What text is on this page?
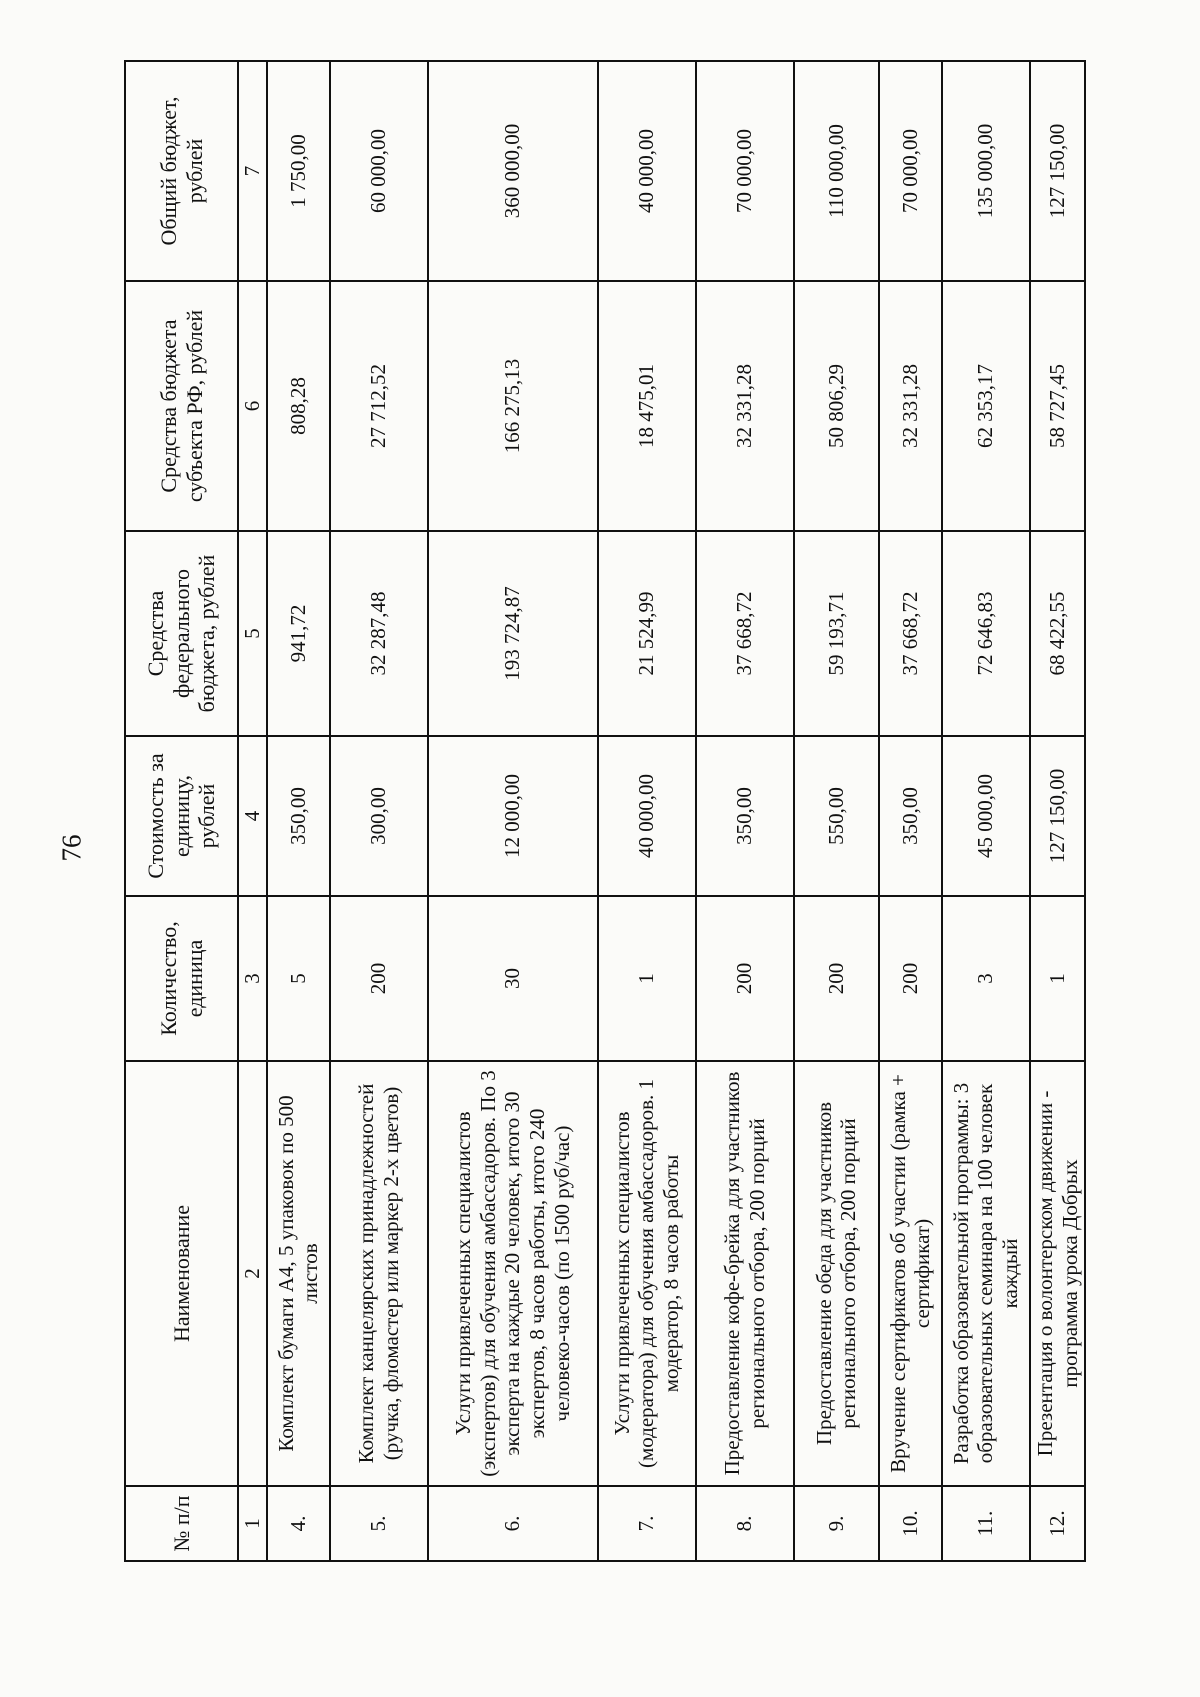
76
№ п/п	Наименование	Количество, единица	Стоимость за единицу, рублей	Средства федерального бюджета, рублей	Средства бюджета субъекта РФ, рублей	Общий бюджет, рублей
1	2	3	4	5	6	7
4.	Комплект бумаги А4, 5 упаковок по 500 листов	5	350,00	941,72	808,28	1 750,00
5.	Комплект канцелярских принадлежностей (ручка, фломастер или маркер 2-х цветов)	200	300,00	32 287,48	27 712,52	60 000,00
6.	Услуги привлеченных специалистов (экспертов) для обучения амбассадоров. По 3 эксперта на каждые 20 человек, итого 30 экспертов, 8 часов работы, итого 240 человеко-часов (по 1500 руб/час)	30	12 000,00	193 724,87	166 275,13	360 000,00
7.	Услуги привлеченных специалистов (модератора) для обучения амбассадоров. 1 модератор, 8 часов работы	1	40 000,00	21 524,99	18 475,01	40 000,00
8.	Предоставление кофе-брейка для участников регионального отбора, 200 порций	200	350,00	37 668,72	32 331,28	70 000,00
9.	Предоставление обеда для участников регионального отбора, 200 порций	200	550,00	59 193,71	50 806,29	110 000,00
10.	Вручение сертификатов об участии (рамка + сертификат)	200	350,00	37 668,72	32 331,28	70 000,00
11.	Разработка образовательной программы: 3 образовательных семинара на 100 человек каждый	3	45 000,00	72 646,83	62 353,17	135 000,00
12.	Презентация о волонтерском движении - программа урока Добрых	1	127 150,00	68 422,55	58 727,45	127 150,00
